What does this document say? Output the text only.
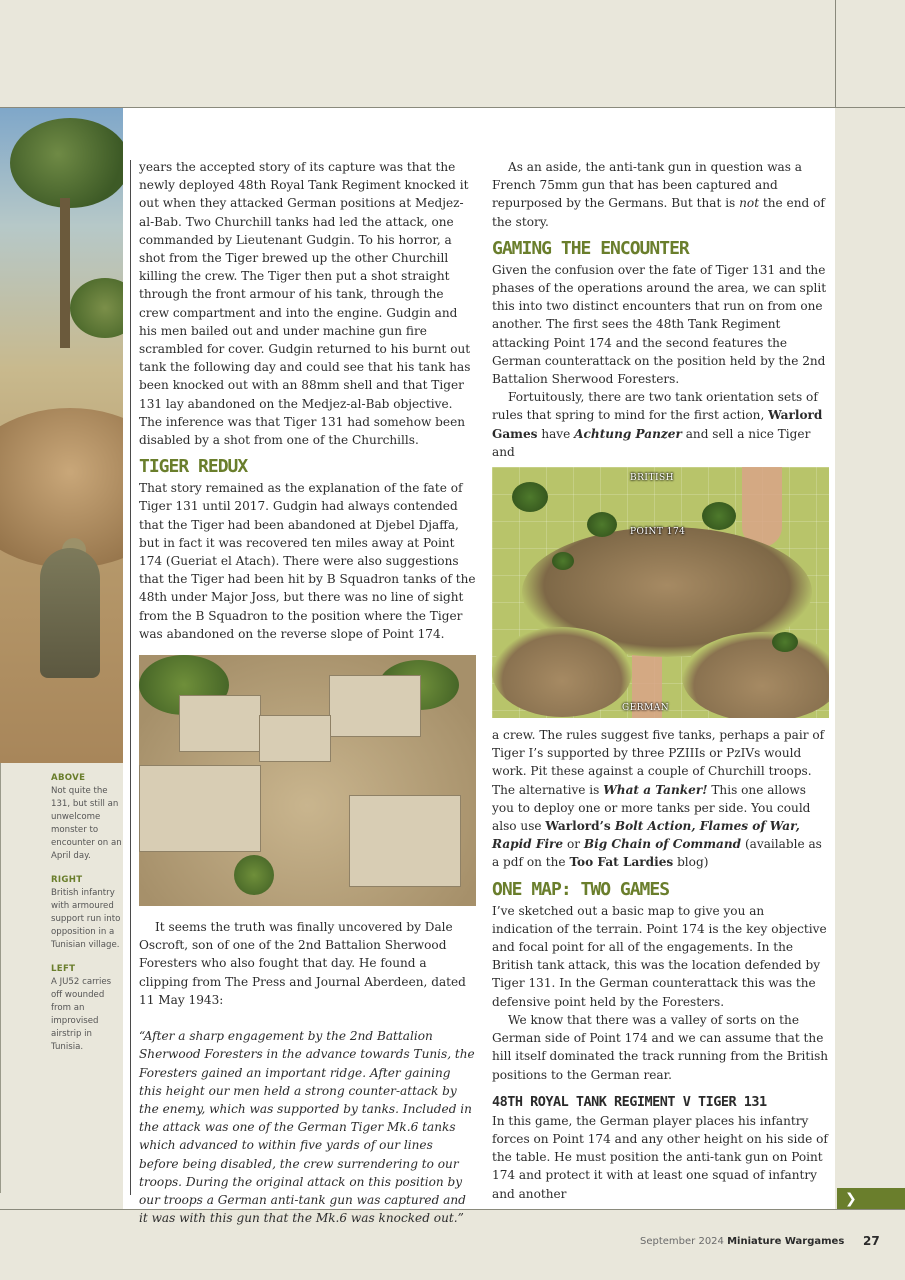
ABOVE
Not quite the 131, but still an unwelcome monster to encounter on an April day.
RIGHT
British infantry with armoured support run into opposition in a Tunisian village.
LEFT
A JU52 carries off wounded from an improvised airstrip in Tunisia.

years the accepted story of its capture was that the newly deployed 48th Royal Tank Regiment knocked it out when they attacked German positions at Medjez-al-Bab. Two Churchill tanks had led the attack, one commanded by Lieutenant Gudgin. To his horror, a shot from the Tiger brewed up the other Churchill killing the crew. The Tiger then put a shot straight through the front armour of his tank, through the crew compartment and into the engine. Gudgin and his men bailed out and under machine gun fire scrambled for cover. Gudgin returned to his burnt out tank the following day and could see that his tank has been knocked out with an 88mm shell and that Tiger 131 lay abandoned on the Medjez-al-Bab objective. The inference was that Tiger 131 had somehow been disabled by a shot from one of the Churchills.

TIGER REDUX

That story remained as the explanation of the fate of Tiger 131 until 2017. Gudgin had always contended that the Tiger had been abandoned at Djebel Djaffa, but in fact it was recovered ten miles away at Point 174 (Gueriat el Atach). There were also suggestions that the Tiger had been hit by B Squadron tanks of the 48th under Major Joss, but there was no line of sight from the B Squadron to the position where the Tiger was abandoned on the reverse slope of Point 174.

It seems the truth was finally uncovered by Dale Oscroft, son of one of the 2nd Battalion Sherwood Foresters who also fought that day. He found a clipping from The Press and Journal Aberdeen, dated 11 May 1943:

“After a sharp engagement by the 2nd Battalion Sherwood Foresters in the advance towards Tunis, the Foresters gained an important ridge. After gaining this height our men held a strong counter-attack by the enemy, which was supported by tanks. Included in the attack was one of the German Tiger Mk.6 tanks which advanced to within five yards of our lines before being disabled, the crew surrendering to our troops. During the original attack on this position by our troops a German anti-tank gun was captured and it was with this gun that the Mk.6 was knocked out.”

As an aside, the anti-tank gun in question was a French 75mm gun that has been captured and repurposed by the Germans. But that is not the end of the story.

GAMING THE ENCOUNTER

Given the confusion over the fate of Tiger 131 and the phases of the operations around the area, we can split this into two distinct encounters that run on from one another. The first sees the 48th Tank Regiment attacking Point 174 and the second features the German counterattack on the position held by the 2nd Battalion Sherwood Foresters.

Fortuitously, there are two tank orientation sets of rules that spring to mind for the first action, Warlord Games have Achtung Panzer and sell a nice Tiger and

BRITISH
POINT 174
GERMAN

a crew. The rules suggest five tanks, perhaps a pair of Tiger I’s supported by three PZIIIs or PzIVs would work. Pit these against a couple of Churchill troops. The alternative is What a Tanker! This one allows you to deploy one or more tanks per side. You could also use Warlord’s Bolt Action, Flames of War, Rapid Fire or Big Chain of Command (available as a pdf on the Too Fat Lardies blog)

ONE MAP: TWO GAMES

I’ve sketched out a basic map to give you an indication of the terrain. Point 174 is the key objective and focal point for all of the engagements. In the British tank attack, this was the location defended by Tiger 131. In the German counterattack this was the defensive point held by the Foresters.

We know that there was a valley of sorts on the German side of Point 174 and we can assume that the hill itself dominated the track running from the British positions to the German rear.

48TH ROYAL TANK REGIMENT V TIGER 131

In this game, the German player places his infantry forces on Point 174 and any other height on his side of the table. He must position the anti-tank gun on Point 174 and protect it with at least one squad of infantry and another	❯
September 2024 Miniature Wargames 27
